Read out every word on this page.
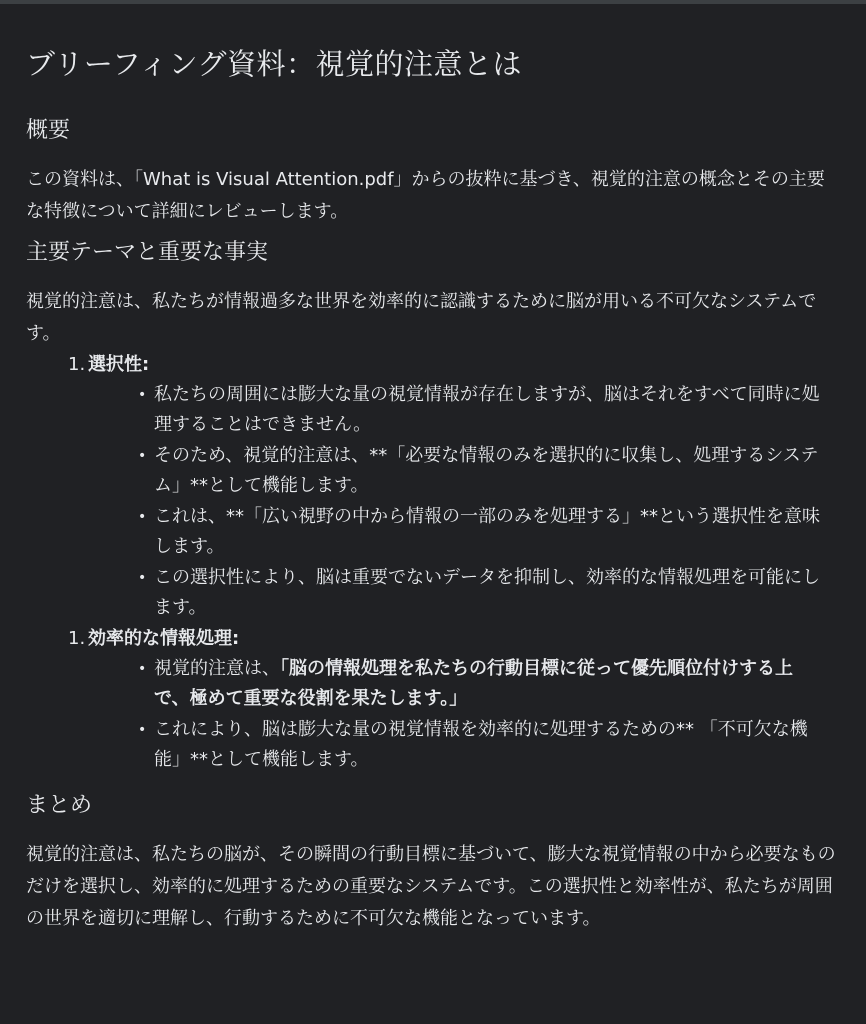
ブリーフィング資料：視覚的注意とは
概要

この資料は、「What is Visual Attention.pdf」からの抜粋に基づき、視覚的注意の概念とその主要な特徴について詳細にレビューします。

主要テーマと重要な事実

視覚的注意は、私たちが情報過多な世界を効率的に認識するために脳が用いる不可欠なシステムです。

1. 選択性:
• 私たちの周囲には膨大な量の視覚情報が存在しますが、脳はそれをすべて同時に処理することはできません。
• そのため、視覚的注意は、**「必要な情報のみを選択的に収集し、処理するシステム」**として機能します。
• これは、**「広い視野の中から情報の一部のみを処理する」**という選択性を意味します。
• この選択性により、脳は重要でないデータを抑制し、効率的な情報処理を可能にします。
1. 効率的な情報処理:
• 視覚的注意は、「脳の情報処理を私たちの行動目標に従って優先順位付けする上で、極めて重要な役割を果たします。」
• これにより、脳は膨大な量の視覚情報を効率的に処理するための** 「不可欠な機能」**として機能します。
まとめ

視覚的注意は、私たちの脳が、その瞬間の行動目標に基づいて、膨大な視覚情報の中から必要なものだけを選択し、効率的に処理するための重要なシステムです。この選択性と効率性が、私たちが周囲の世界を適切に理解し、行動するために不可欠な機能となっています。
